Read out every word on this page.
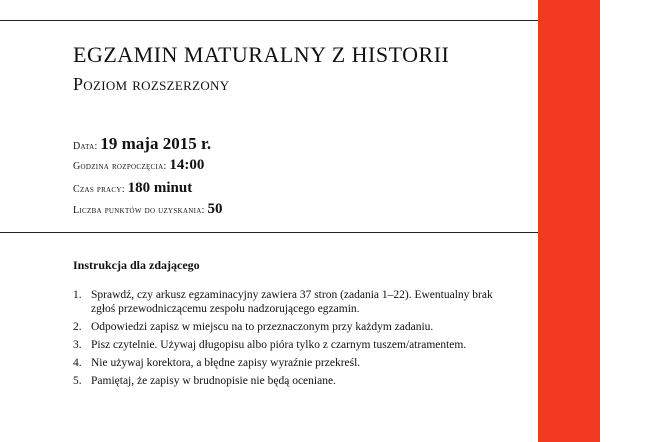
EGZAMIN MATURALNY Z HISTORII
Poziom rozszerzony
Data: 19 maja 2015 r.
Godzina rozpoczęcia: 14:00
Czas pracy: 180 minut
Liczba punktów do uzyskania: 50
Instrukcja dla zdającego
1. Sprawdź, czy arkusz egzaminacyjny zawiera 37 stron (zadania 1–22). Ewentualny brak zgłoś przewodniczącemu zespołu nadzorującego egzamin.
2. Odpowiedzi zapisz w miejscu na to przeznaczonym przy każdym zadaniu.
3. Pisz czytelnie. Używaj długopisu albo pióra tylko z czarnym tuszem/atramentem.
4. Nie używaj korektora, a błędne zapisy wyraźnie przekreśl.
5. Pamiętaj, że zapisy w brudnopisie nie będą oceniane.
